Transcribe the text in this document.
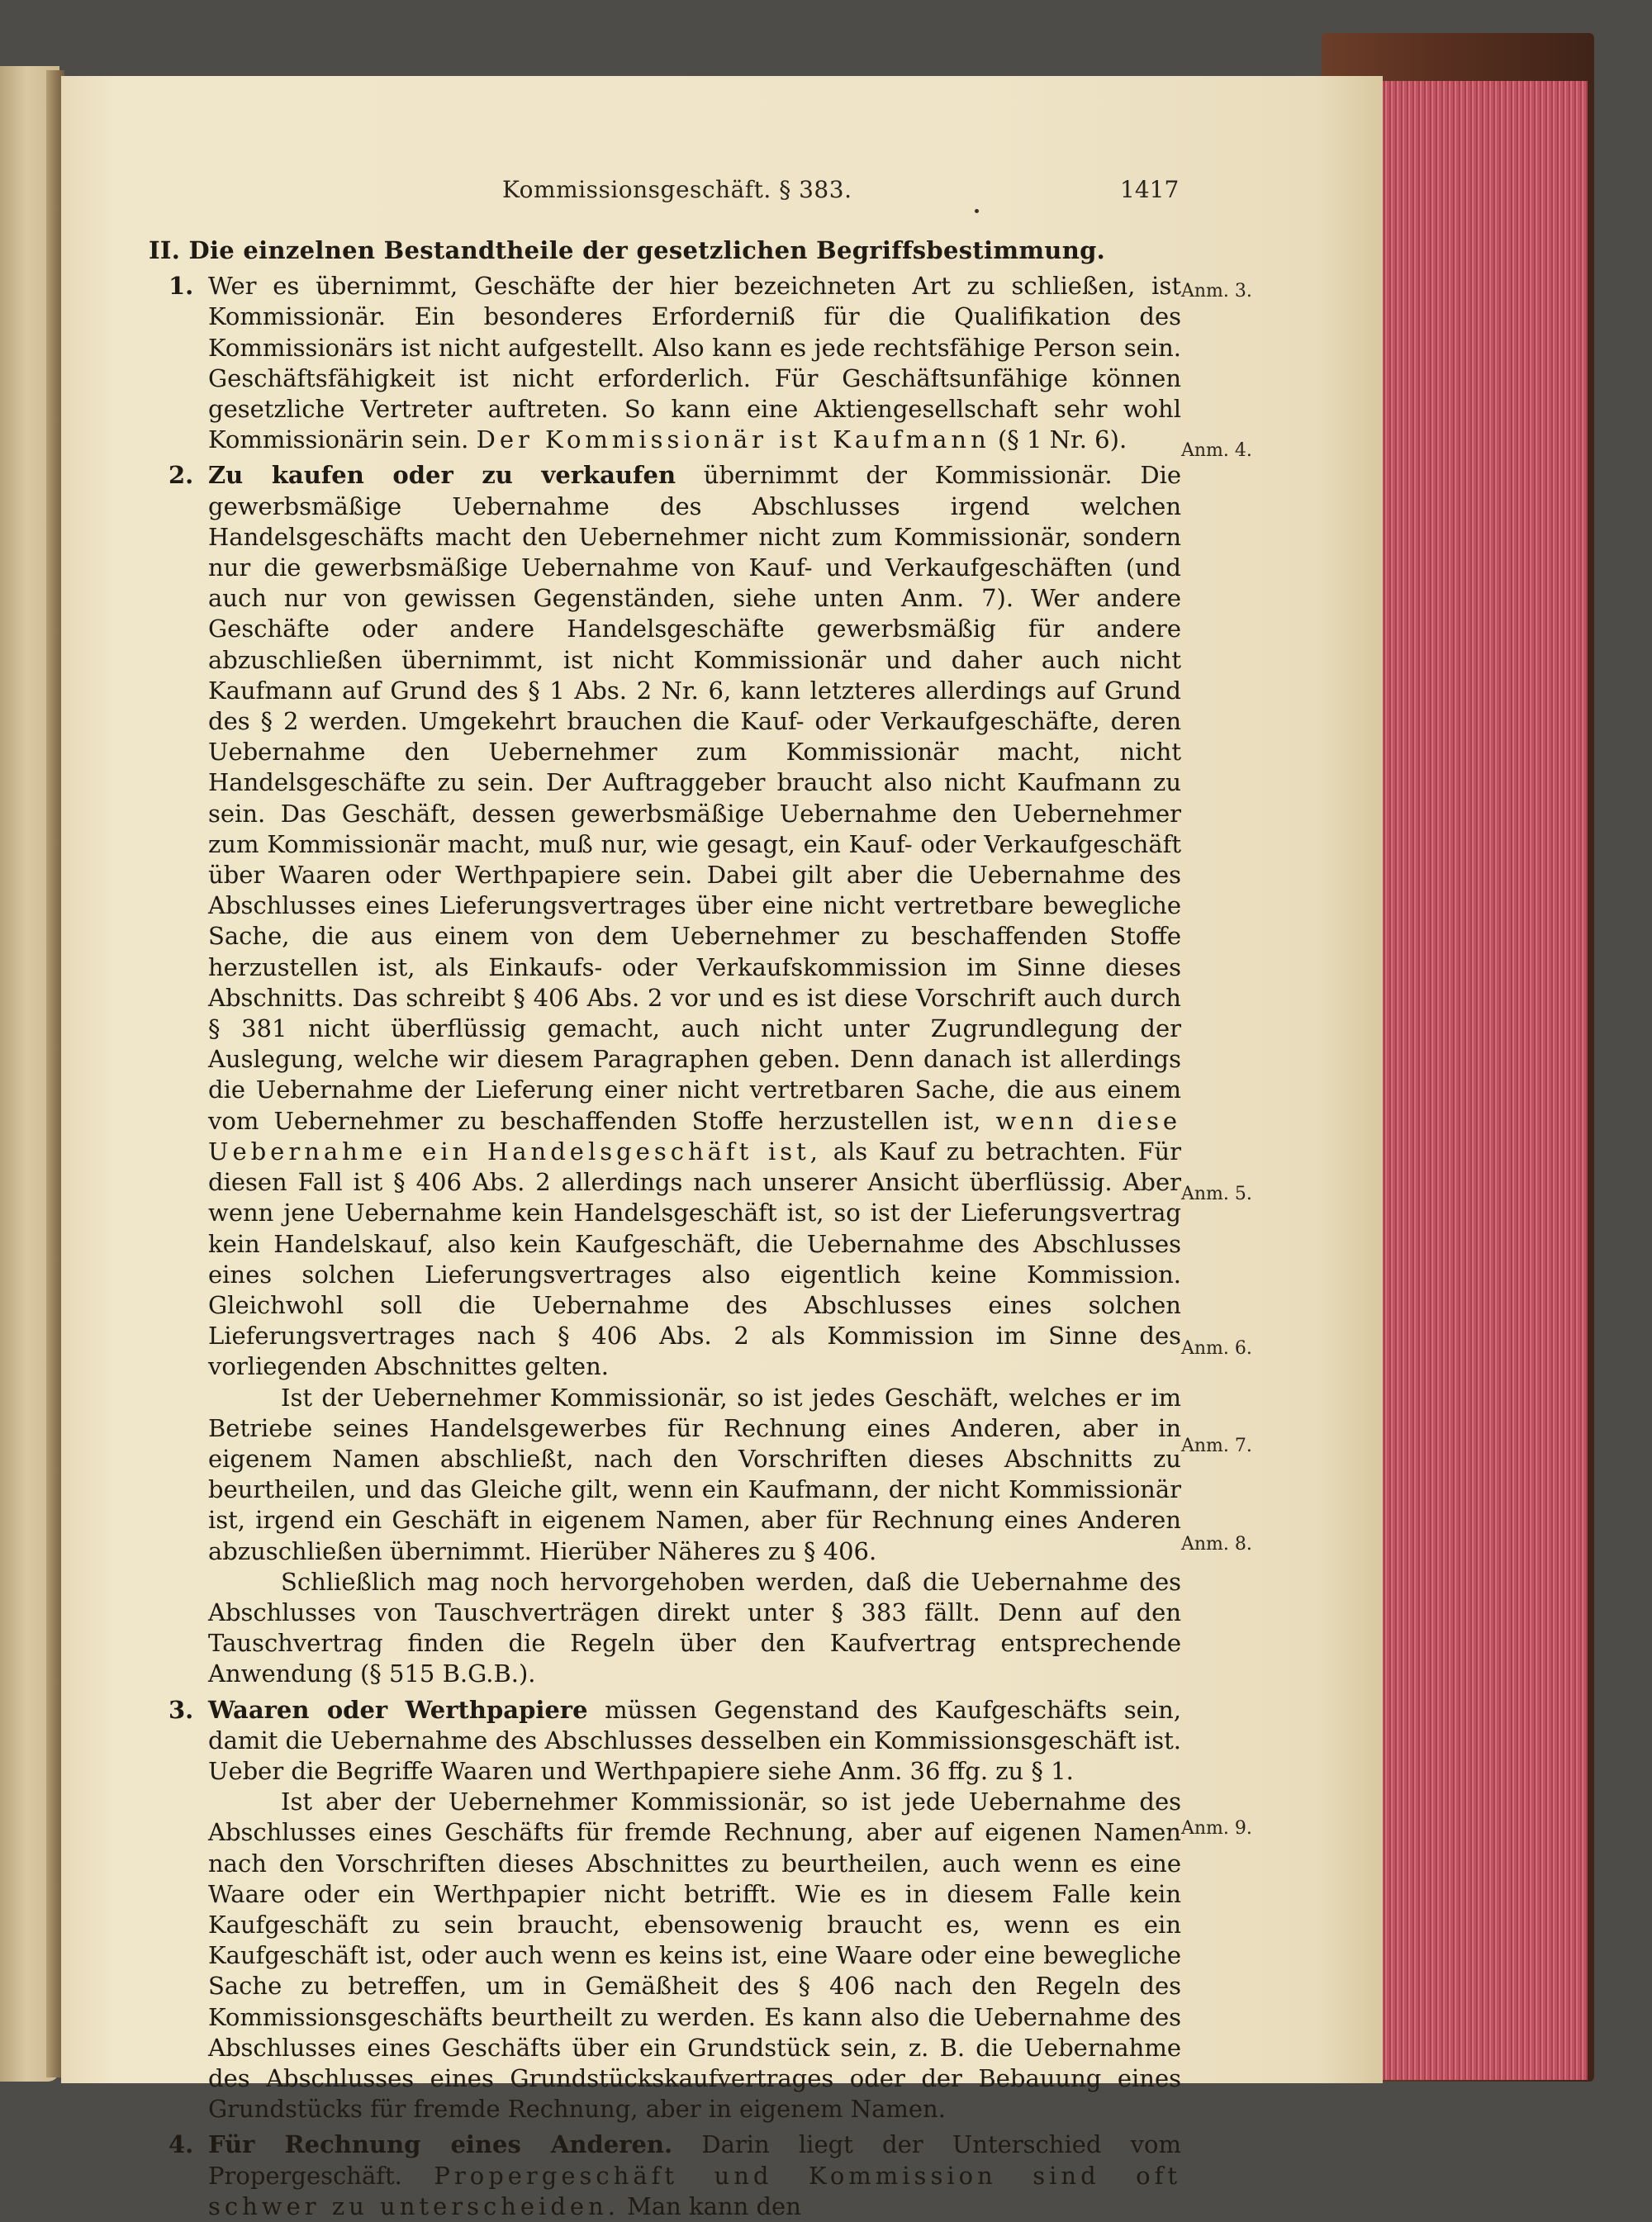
Kommissionsgeschäft. § 383.	1417
II. Die einzelnen Bestandtheile der gesetzlichen Begriffsbestimmung.
1. Wer es übernimmt, Geschäfte der hier bezeichneten Art zu schließen, ist Kommissionär. Ein besonderes Erforderniß für die Qualifikation des Kommissionärs ist nicht aufgestellt. Also kann es jede rechtsfähige Person sein. Geschäftsfähigkeit ist nicht erforderlich. Für Geschäftsunfähige können gesetzliche Vertreter auftreten. So kann eine Aktiengesellschaft sehr wohl Kommissionärin sein. Der Kommissionär ist Kaufmann (§ 1 Nr. 6).

2. Zu kaufen oder zu verkaufen übernimmt der Kommissionär. Die gewerbsmäßige Uebernahme des Abschlusses irgend welchen Handelsgeschäfts macht den Uebernehmer nicht zum Kommissionär, sondern nur die gewerbsmäßige Uebernahme von Kauf- und Verkaufgeschäften (und auch nur von gewissen Gegenständen, siehe unten Anm. 7). Wer andere Geschäfte oder andere Handelsgeschäfte gewerbsmäßig für andere abzuschließen übernimmt, ist nicht Kommissionär und daher auch nicht Kaufmann auf Grund des § 1 Abs. 2 Nr. 6, kann letzteres allerdings auf Grund des § 2 werden. Umgekehrt brauchen die Kauf- oder Verkaufgeschäfte, deren Uebernahme den Uebernehmer zum Kommissionär macht, nicht Handelsgeschäfte zu sein. Der Auftraggeber braucht also nicht Kaufmann zu sein. Das Geschäft, dessen gewerbsmäßige Uebernahme den Uebernehmer zum Kommissionär macht, muß nur, wie gesagt, ein Kauf- oder Verkaufgeschäft über Waaren oder Werthpapiere sein. Dabei gilt aber die Uebernahme des Abschlusses eines Lieferungsvertrages über eine nicht vertretbare bewegliche Sache, die aus einem von dem Uebernehmer zu beschaffenden Stoffe herzustellen ist, als Einkaufs- oder Verkaufskommission im Sinne dieses Abschnitts. Das schreibt § 406 Abs. 2 vor und es ist diese Vorschrift auch durch § 381 nicht überflüssig gemacht, auch nicht unter Zugrundlegung der Auslegung, welche wir diesem Paragraphen geben. Denn danach ist allerdings die Uebernahme der Lieferung einer nicht vertretbaren Sache, die aus einem vom Uebernehmer zu beschaffenden Stoffe herzustellen ist, wenn diese Uebernahme ein Handelsgeschäft ist, als Kauf zu betrachten. Für diesen Fall ist § 406 Abs. 2 allerdings nach unserer Ansicht überflüssig. Aber wenn jene Uebernahme kein Handelsgeschäft ist, so ist der Lieferungsvertrag kein Handelskauf, also kein Kaufgeschäft, die Uebernahme des Abschlusses eines solchen Lieferungsvertrages also eigentlich keine Kommission. Gleichwohl soll die Uebernahme des Abschlusses eines solchen Lieferungsvertrages nach § 406 Abs. 2 als Kommission im Sinne des vorliegenden Abschnittes gelten.

Ist der Uebernehmer Kommissionär, so ist jedes Geschäft, welches er im Betriebe seines Handelsgewerbes für Rechnung eines Anderen, aber in eigenem Namen abschließt, nach den Vorschriften dieses Abschnitts zu beurtheilen, und das Gleiche gilt, wenn ein Kaufmann, der nicht Kommissionär ist, irgend ein Geschäft in eigenem Namen, aber für Rechnung eines Anderen abzuschließen übernimmt. Hierüber Näheres zu § 406.

Schließlich mag noch hervorgehoben werden, daß die Uebernahme des Abschlusses von Tauschverträgen direkt unter § 383 fällt. Denn auf den Tauschvertrag finden die Regeln über den Kaufvertrag entsprechende Anwendung (§ 515 B.G.B.).

3. Waaren oder Werthpapiere müssen Gegenstand des Kaufgeschäfts sein, damit die Uebernahme des Abschlusses desselben ein Kommissionsgeschäft ist. Ueber die Begriffe Waaren und Werthpapiere siehe Anm. 36 ffg. zu § 1.

Ist aber der Uebernehmer Kommissionär, so ist jede Uebernahme des Abschlusses eines Geschäfts für fremde Rechnung, aber auf eigenen Namen nach den Vorschriften dieses Abschnittes zu beurtheilen, auch wenn es eine Waare oder ein Werthpapier nicht betrifft. Wie es in diesem Falle kein Kaufgeschäft zu sein braucht, ebensowenig braucht es, wenn es ein Kaufgeschäft ist, oder auch wenn es keins ist, eine Waare oder eine bewegliche Sache zu betreffen, um in Gemäßheit des § 406 nach den Regeln des Kommissionsgeschäfts beurtheilt zu werden. Es kann also die Uebernahme des Abschlusses eines Geschäfts über ein Grundstück sein, z. B. die Uebernahme des Abschlusses eines Grundstückskaufvertrages oder der Bebauung eines Grundstücks für fremde Rechnung, aber in eigenem Namen.

4. Für Rechnung eines Anderen. Darin liegt der Unterschied vom Propergeschäft. Propergeschäft und Kommission sind oft schwer zu unterscheiden. Man kann den

Anm. 3.
Anm. 4.
Anm. 5.
Anm. 6.
Anm. 7.
Anm. 8.
Anm. 9.
